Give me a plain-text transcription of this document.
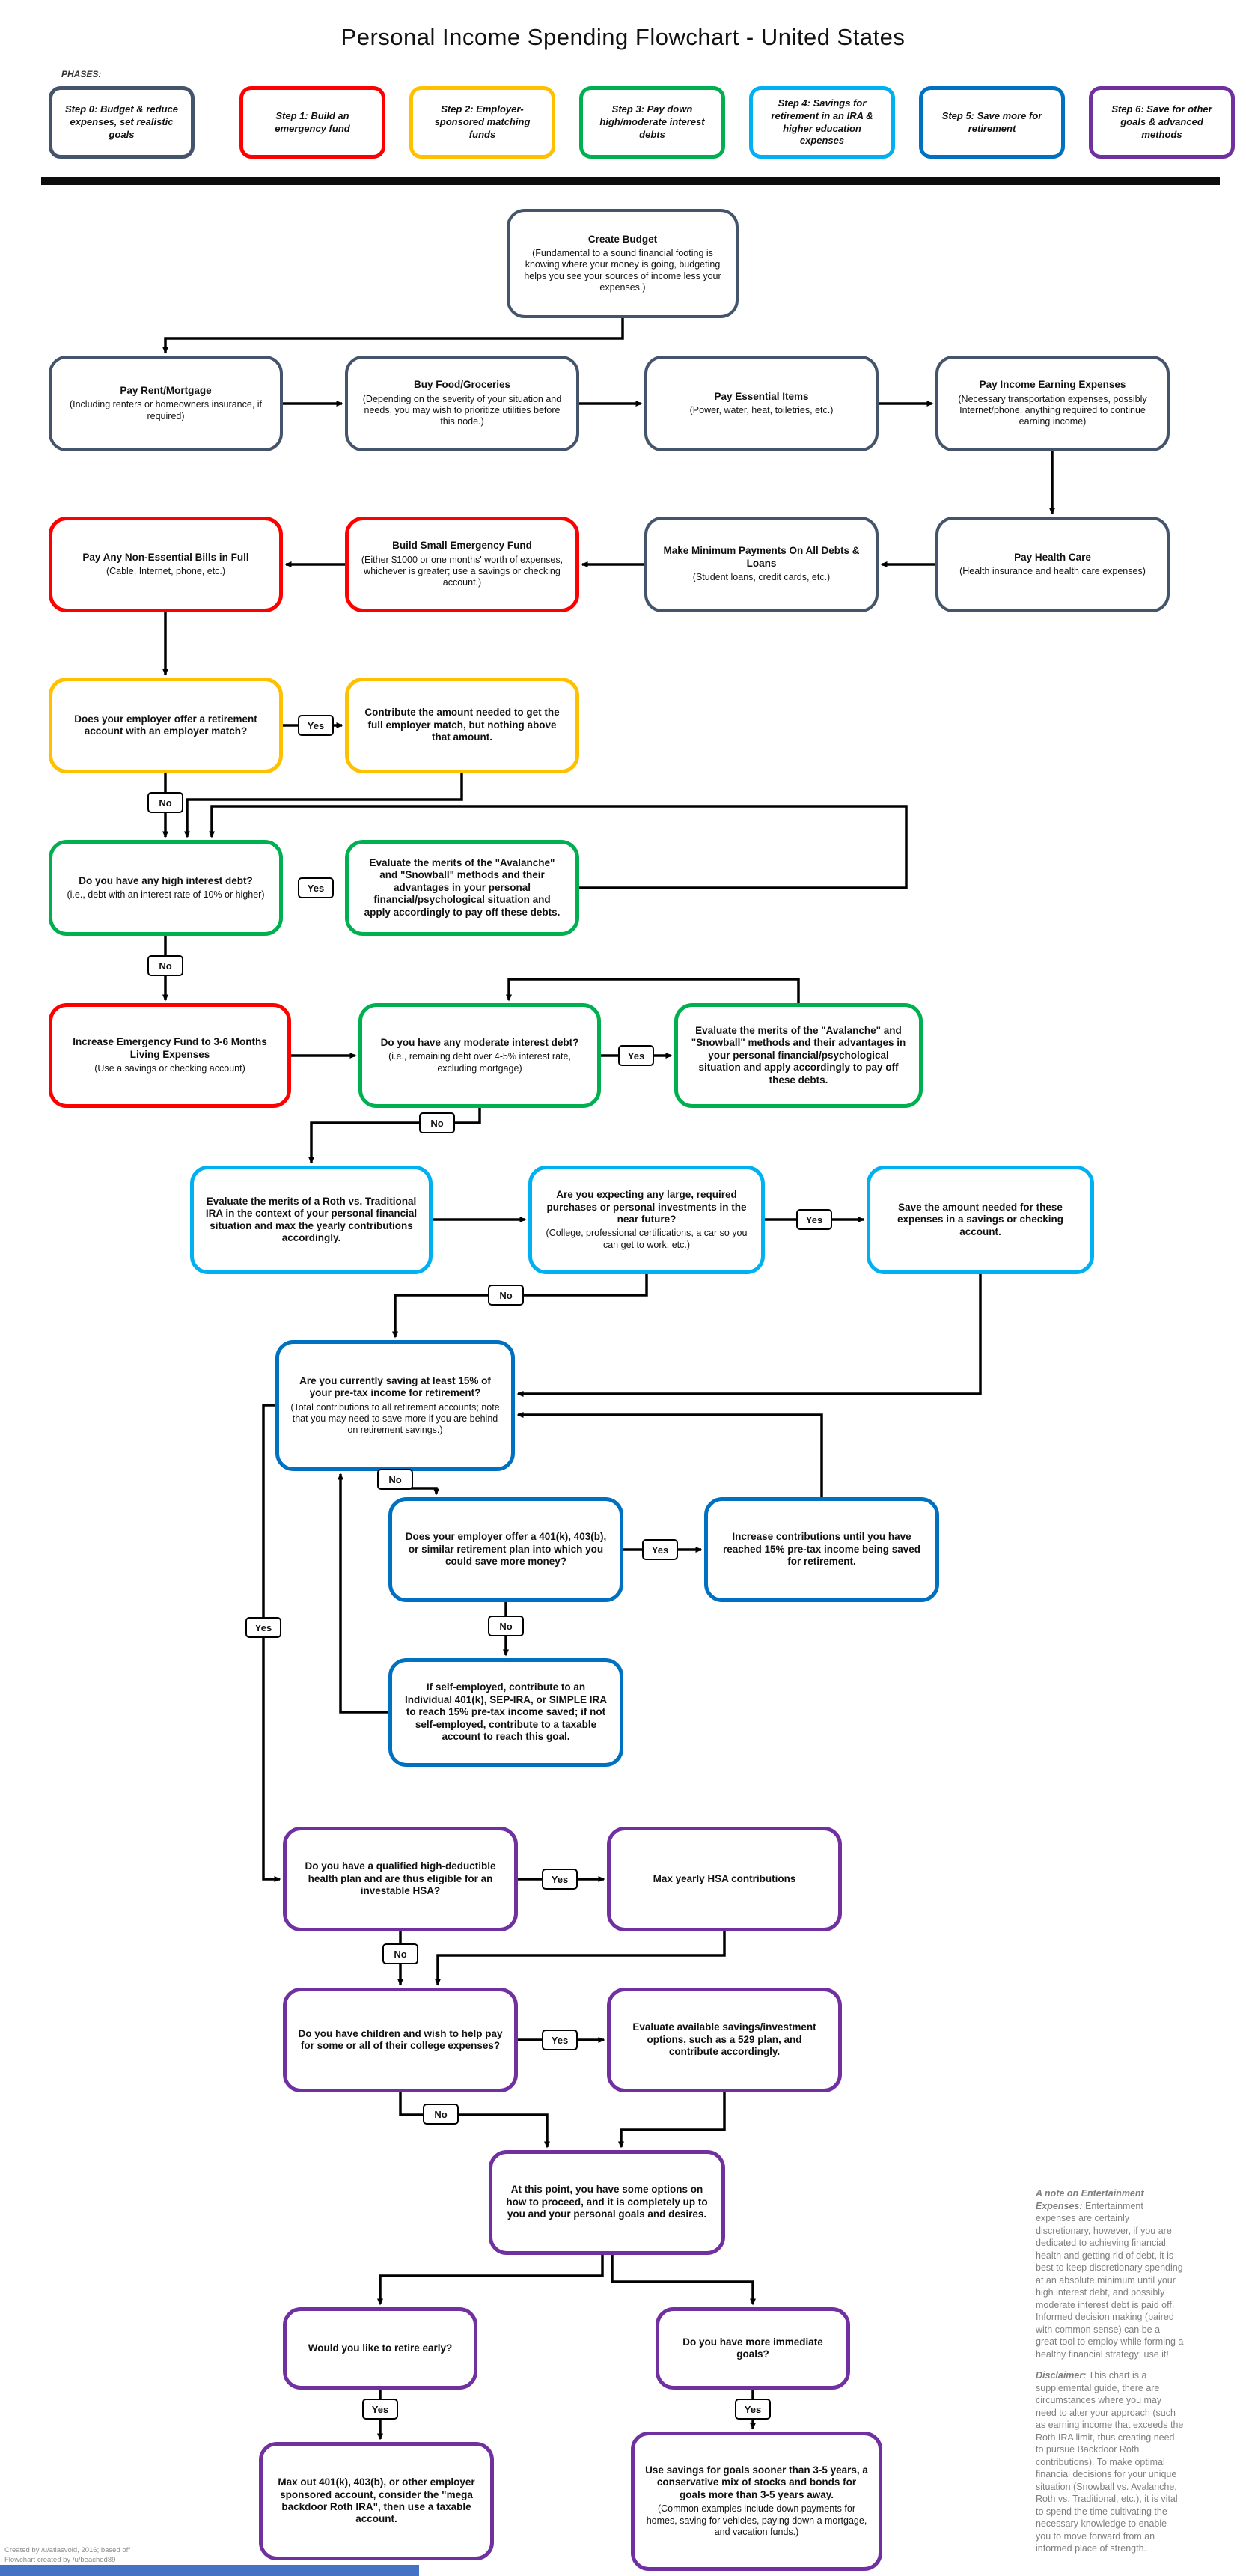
Personal Income Spending Flowchart - United States
PHASES:
Step 0: Budget & reduce expenses, set realistic goals
Step 1: Build an emergency fund
Step 2: Employer-sponsored matching funds
Step 3: Pay down high/moderate interest debts
Step 4: Savings for retirement in an IRA & higher education expenses
Step 5: Save more for retirement
Step 6: Save for other goals & advanced methods
Create Budget
(Fundamental to a sound financial footing is knowing where your money is going, budgeting helps you see your sources of income less your expenses.)
Pay Rent/Mortgage
(Including renters or homeowners insurance, if required)
Buy Food/Groceries
(Depending on the severity of your situation and needs, you may wish to prioritize utilities before this node.)
Pay Essential Items
(Power, water, heat, toiletries, etc.)
Pay Income Earning Expenses
(Necessary transportation expenses, possibly Internet/phone, anything required to continue earning income)
Pay Any Non-Essential Bills in Full
(Cable, Internet, phone, etc.)
Build Small Emergency Fund
(Either $1000 or one months' worth of expenses, whichever is greater; use a savings or checking account.)
Make Minimum Payments On All Debts & Loans
(Student loans, credit cards, etc.)
Pay Health Care
(Health insurance and health care expenses)
Does your employer offer a retirement account with an employer match?
Contribute the amount needed to get the full employer match, but nothing above that amount.
Do you have any high interest debt?
(i.e., debt with an interest rate of 10% or higher)
Evaluate the merits of the "Avalanche" and "Snowball" methods and their advantages in your personal financial/psychological situation and apply accordingly to pay off these debts.
Increase Emergency Fund to 3-6 Months Living Expenses
(Use a savings or checking account)
Do you have any moderate interest debt?
(i.e., remaining debt over 4-5% interest rate, excluding mortgage)
Evaluate the merits of the "Avalanche" and "Snowball" methods and their advantages in your personal financial/psychological situation and apply accordingly to pay off these debts.
Evaluate the merits of a Roth vs. Traditional IRA in the context of your personal financial situation and max the yearly contributions accordingly.
Are you expecting any large, required purchases or personal investments in the near future?
(College, professional certifications, a car so you can get to work, etc.)
Save the amount needed for these expenses in a savings or checking account.
Are you currently saving at least 15% of your pre-tax income for retirement?
(Total contributions to all retirement accounts; note that you may need to save more if you are behind on retirement savings.)
Does your employer offer a 401(k), 403(b), or similar retirement plan into which you could save more money?
Increase contributions until you have reached 15% pre-tax income being saved for retirement.
If self-employed, contribute to an Individual 401(k), SEP-IRA, or SIMPLE IRA to reach 15% pre-tax income saved; if not self-employed, contribute to a taxable account to reach this goal.
Do you have a qualified high-deductible health plan and are thus eligible for an investable HSA?
Max yearly HSA contributions
Do you have children and wish to help pay for some or all of their college expenses?
Evaluate available savings/investment options, such as a 529 plan, and contribute accordingly.
At this point, you have some options on how to proceed, and it is completely up to you and your personal goals and desires.
Would you like to retire early?
Do you have more immediate goals?
Max out 401(k), 403(b), or other employer sponsored account, consider the "mega backdoor Roth IRA", then use a taxable account.
Use savings for goals sooner than 3-5 years, a conservative mix of stocks and bonds for goals more than 3-5 years away.
(Common examples include down payments for homes, saving for vehicles, paying down a mortgage, and vacation funds.)
Yes
No
Yes
No
Yes
No
Yes
No
No
Yes
Yes
No
Yes
No
Yes
No
Yes	Yes
A note on Entertainment Expenses: Entertainment expenses are certainly discretionary, however, if you are dedicated to achieving financial health and getting rid of debt, it is best to keep discretionary spending at an absolute minimum until your high interest debt, and possibly moderate interest debt is paid off. Informed decision making (paired with common sense) can be a great tool to employ while forming a healthy financial strategy; use it!
Disclaimer: This chart is a supplemental guide, there are circumstances where you may need to alter your approach (such as earning income that exceeds the Roth IRA limit, thus creating need to pursue Backdoor Roth contributions). To make optimal financial decisions for your unique situation (Snowball vs. Avalanche, Roth vs. Traditional, etc.), it is vital to spend the time cultivating the necessary knowledge to enable you to move forward from an informed place of strength.
Created by /u/atlasvoid, 2016; based off
Flowchart created by /u/beached89
